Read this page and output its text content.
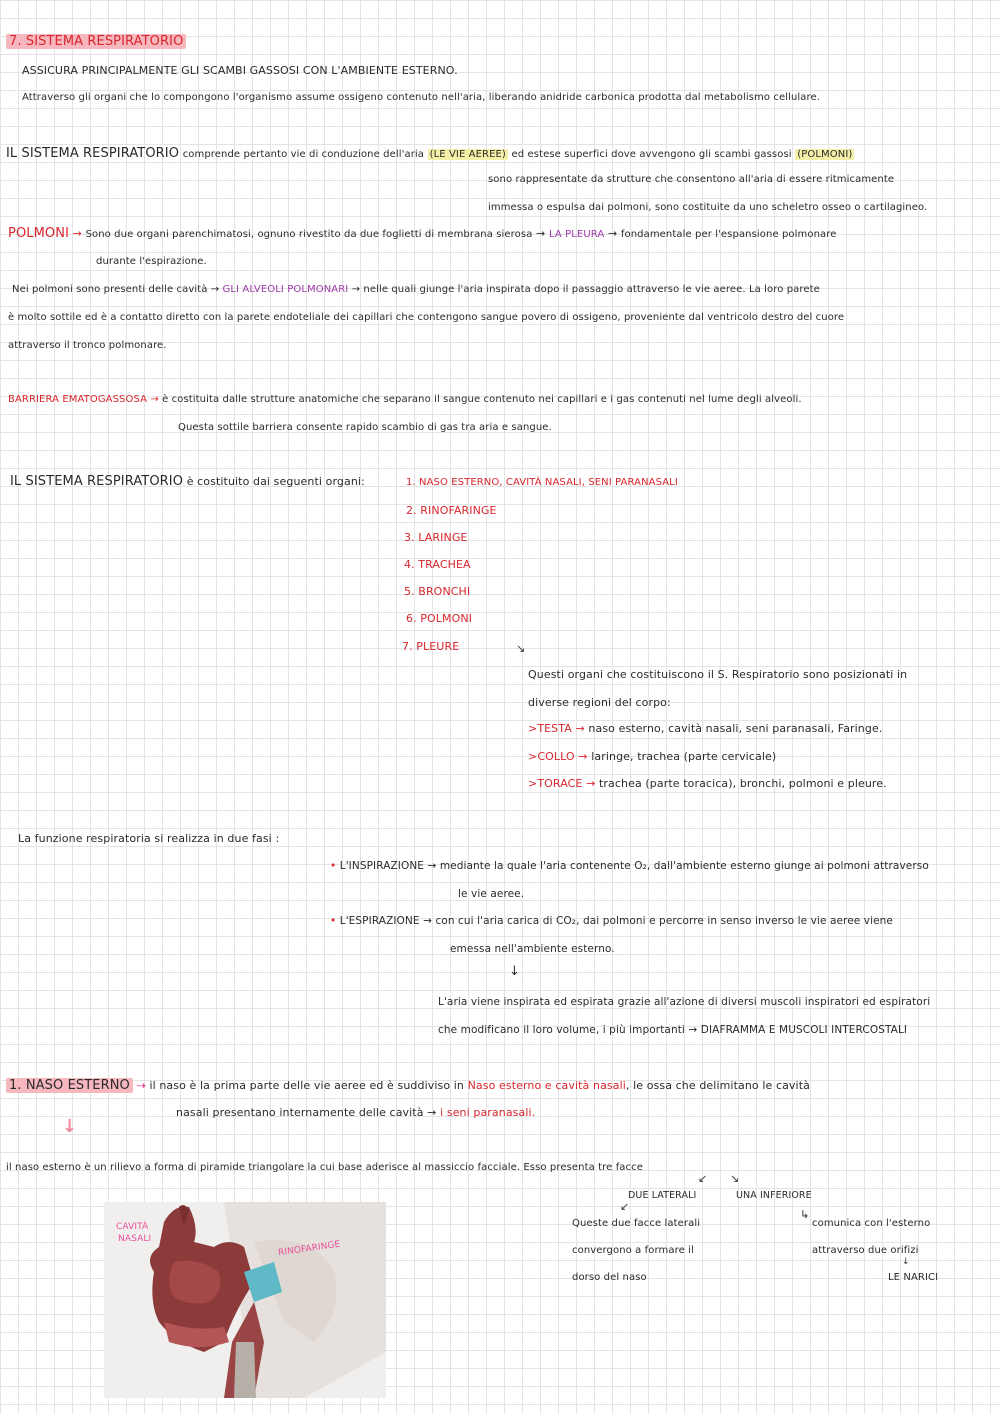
7. SISTEMA RESPIRATORIO
ASSICURA PRINCIPALMENTE GLI SCAMBI GASSOSI CON L'AMBIENTE ESTERNO.
Attraverso gli organi che lo compongono l'organismo assume ossigeno contenuto nell'aria, liberando anidride carbonica prodotta dal metabolismo cellulare.
IL SISTEMA RESPIRATORIO comprende pertanto vie di conduzione dell'aria (LE VIE AEREE) ed estese superfici dove avvengono gli scambi gassosi (POLMONI)
sono rappresentate da strutture che consentono all'aria di essere ritmicamente
immessa o espulsa dai polmoni, sono costituite da uno scheletro osseo o cartilagineo.
POLMONI → Sono due organi parenchimatosi, ognuno rivestito da due foglietti di membrana sierosa → LA PLEURA → fondamentale per l'espansione polmonare
durante l'espirazione.
Nei polmoni sono presenti delle cavità → GLI ALVEOLI POLMONARI → nelle quali giunge l'aria inspirata dopo il passaggio attraverso le vie aeree. La loro parete
è molto sottile ed è a contatto diretto con la parete endoteliale dei capillari che contengono sangue povero di ossigeno, proveniente dal ventricolo destro del cuore
attraverso il tronco polmonare.
BARRIERA EMATOGASSOSA → è costituita dalle strutture anatomiche che separano il sangue contenuto nei capillari e i gas contenuti nel lume degli alveoli.
Questa sottile barriera consente rapido scambio di gas tra aria e sangue.
IL SISTEMA RESPIRATORIO è costituito dai seguenti organi:	1. NASO ESTERNO, CAVITÀ NASALI, SENI PARANASALI
2. RINOFARINGE
3. LARINGE
4. TRACHEA
5. BRONCHI
6. POLMONI
7. PLEURE	↘
Questi organi che costituiscono il S. Respiratorio sono posizionati in
diverse regioni del corpo:
>TESTA → naso esterno, cavità nasali, seni paranasali, Faringe.
>COLLO → laringe, trachea (parte cervicale)
>TORACE → trachea (parte toracica), bronchi, polmoni e pleure.
La funzione respiratoria si realizza in due fasi :
• L'INSPIRAZIONE → mediante la quale l'aria contenente O₂, dall'ambiente esterno giunge ai polmoni attraverso
le vie aeree.
• L'ESPIRAZIONE → con cui l'aria carica di CO₂, dai polmoni e percorre in senso inverso le vie aeree viene
emessa nell'ambiente esterno.
↓
L'aria viene inspirata ed espirata grazie all'azione di diversi muscoli inspiratori ed espiratori
che modificano il loro volume, i più importanti → DIAFRAMMA E MUSCOLI INTERCOSTALI
1. NASO ESTERNO ⇢ il naso è la prima parte delle vie aeree ed è suddiviso in Naso esterno e cavità nasali, le ossa che delimitano le cavità
↓
nasali presentano internamente delle cavità → i seni paranasali.
il naso esterno è un rilievo a forma di piramide triangolare la cui base aderisce al massiccio facciale. Esso presenta tre facce
↙ ↘
DUE LATERALI	UNA INFERIORE
↙
↳
Queste due facce laterali
convergono a formare il
dorso del naso
comunica con l'esterno
attraverso due orifizi
↓
LE NARICI
CAVITÀ
NASALI
RINOFARINGE
